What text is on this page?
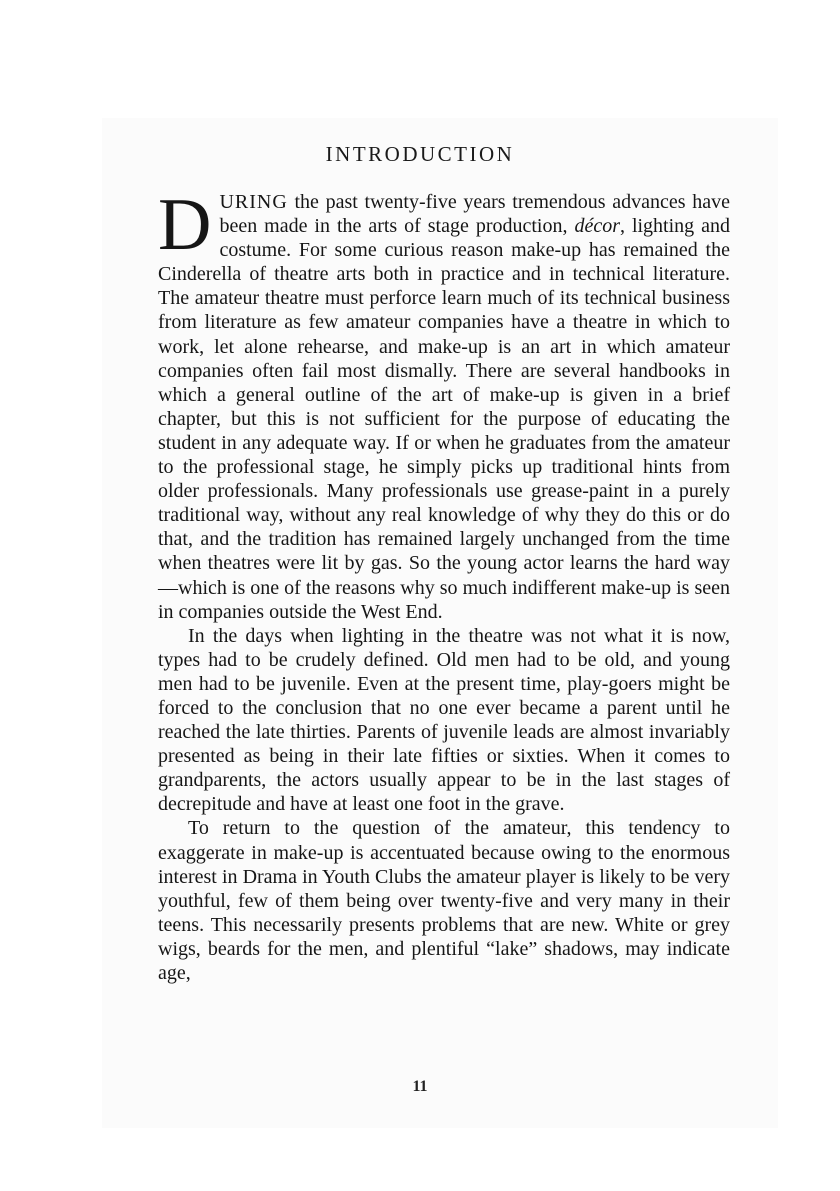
INTRODUCTION

DURING the past twenty-five years tremendous advances have been made in the arts of stage production, décor, lighting and costume. For some curious reason make-up has remained the Cinderella of theatre arts both in practice and in technical literature. The amateur theatre must perforce learn much of its technical business from literature as few amateur companies have a theatre in which to work, let alone rehearse, and make-up is an art in which amateur companies often fail most dismally. There are several handbooks in which a general outline of the art of make-up is given in a brief chapter, but this is not sufficient for the purpose of educating the student in any adequate way. If or when he graduates from the amateur to the professional stage, he simply picks up traditional hints from older professionals. Many professionals use grease-paint in a purely traditional way, without any real knowledge of why they do this or do that, and the tradition has remained largely unchanged from the time when theatres were lit by gas. So the young actor learns the hard way—which is one of the reasons why so much indifferent make-up is seen in companies outside the West End.

In the days when lighting in the theatre was not what it is now, types had to be crudely defined. Old men had to be old, and young men had to be juvenile. Even at the present time, play-goers might be forced to the conclusion that no one ever became a parent until he reached the late thirties. Parents of juvenile leads are almost invariably presented as being in their late fifties or sixties. When it comes to grandparents, the actors usually appear to be in the last stages of decrepitude and have at least one foot in the grave.

To return to the question of the amateur, this tendency to exaggerate in make-up is accentuated because owing to the enormous interest in Drama in Youth Clubs the amateur player is likely to be very youthful, few of them being over twenty-five and very many in their teens. This necessarily presents problems that are new. White or grey wigs, beards for the men, and plentiful “lake” shadows, may indicate age,

11
